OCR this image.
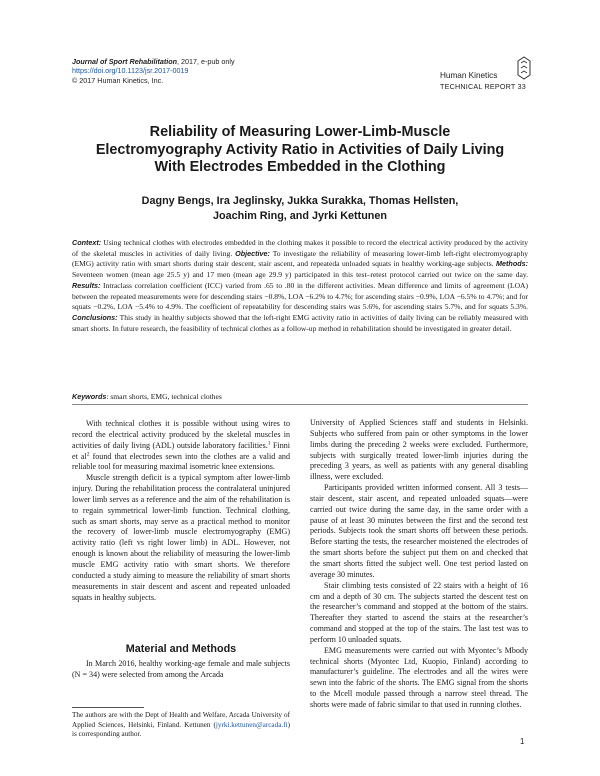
Journal of Sport Rehabilitation, 2017, e-pub only
https://doi.org/10.1123/jsr.2017-0019
© 2017 Human Kinetics, Inc.
Human Kinetics
TECHNICAL REPORT 33
Reliability of Measuring Lower-Limb-Muscle
Electromyography Activity Ratio in Activities of Daily Living
With Electrodes Embedded in the Clothing
Dagny Bengs, Ira Jeglinsky, Jukka Surakka, Thomas Hellsten,
Joachim Ring, and Jyrki Kettunen
Context: Using technical clothes with electrodes embedded in the clothing makes it possible to record the electrical activity produced by the activity of the skeletal muscles in activities of daily living. Objective: To investigate the reliability of measuring lower-limb left-right electromyography (EMG) activity ratio with smart shorts during stair descent, stair ascent, and repeateda unloaded squats in healthy working-age subjects. Methods: Seventeen women (mean age 25.5 y) and 17 men (mean age 29.9 y) participated in this test–retest protocol carried out twice on the same day. Results: Intraclass correlation coefficient (ICC) varied from .65 to .80 in the different activities. Mean difference and limits of agreement (LOA) between the repeated measurements were for descending stairs −0.8%, LOA −6.2% to 4.7%; for ascending stairs −0.9%, LOA −6.5% to 4.7%; and for squats −0.2%, LOA −5.4% to 4.9%. The coefficient of repeatability for descending stairs was 5.6%, for ascending stairs 5.7%, and for squats 5.3%. Conclusions: This study in healthy subjects showed that the left-right EMG activity ratio in activities of daily living can be reliably measured with smart shorts. In future research, the feasibility of technical clothes as a follow-up method in rehabilitation should be investigated in greater detail.
Keywords: smart shorts, EMG, technical clothes

With technical clothes it is possible without using wires to record the electrical activity produced by the skeletal muscles in activities of daily living (ADL) outside laboratory facilities.$^1$ Finni et $al^2$ found that electrodes sewn into the clothes are a valid and reliable tool for measuring maximal isometric knee extensions.

Muscle strength deficit is a typical symptom after lower-limb injury. During the rehabilitation process the contralateral uninjured lower limb serves as a reference and the aim of the rehabilitation is to regain symmetrical lower-limb function. Technical clothing, such as smart shorts, may serve as a practical method to monitor the recovery of lower-limb muscle electromyography (EMG) activity ratio (left vs right lower limb) in ADL. However, not enough is known about the reliability of measuring the lower-limb muscle EMG activity ratio with smart shorts. We therefore conducted a study aiming to measure the reliability of smart shorts measurements in stair descent and ascent and repeated unloaded squats in healthy subjects.

Material and Methods

In March 2016, healthy working-age female and male subjects (N = 34) were selected from among the Arcada

University of Applied Sciences staff and students in Helsinki. Subjects who suffered from pain or other symptoms in the lower limbs during the preceding 2 weeks were excluded. Furthermore, subjects with surgically treated lower-limb injuries during the preceding 3 years, as well as patients with any general disabling illness, were excluded.

Participants provided written informed consent. All 3 tests—stair descent, stair ascent, and repeated unloaded squats—were carried out twice during the same day, in the same order with a pause of at least 30 minutes between the first and the second test periods. Subjects took the smart shorts off between these periods. Before starting the tests, the researcher moistened the electrodes of the smart shorts before the subject put them on and checked that the smart shorts fitted the subject well. One test period lasted on average 30 minutes.

Stair climbing tests consisted of 22 stairs with a height of 16 cm and a depth of 30 cm. The subjects started the descent test on the researcher’s command and stopped at the bottom of the stairs. Thereafter they started to ascend the stairs at the researcher’s command and stopped at the top of the stairs. The last test was to perform 10 unloaded squats.

EMG measurements were carried out with Myontec’s Mbody technical shorts (Myontec Ltd, Kuopio, Finland) according to manufacturer’s guideline. The electrodes and all the wires were sewn into the fabric of the shorts. The EMG signal from the shorts to the Mcell module passed through a narrow steel thread. The shorts were made of fabric similar to that used in running clothes.

The authors are with the Dept of Health and Welfare, Arcada University of Applied Sciences, Helsinki, Finland. Kettunen (jyrki.kettunen@arcada.fi) is corresponding author.
1
